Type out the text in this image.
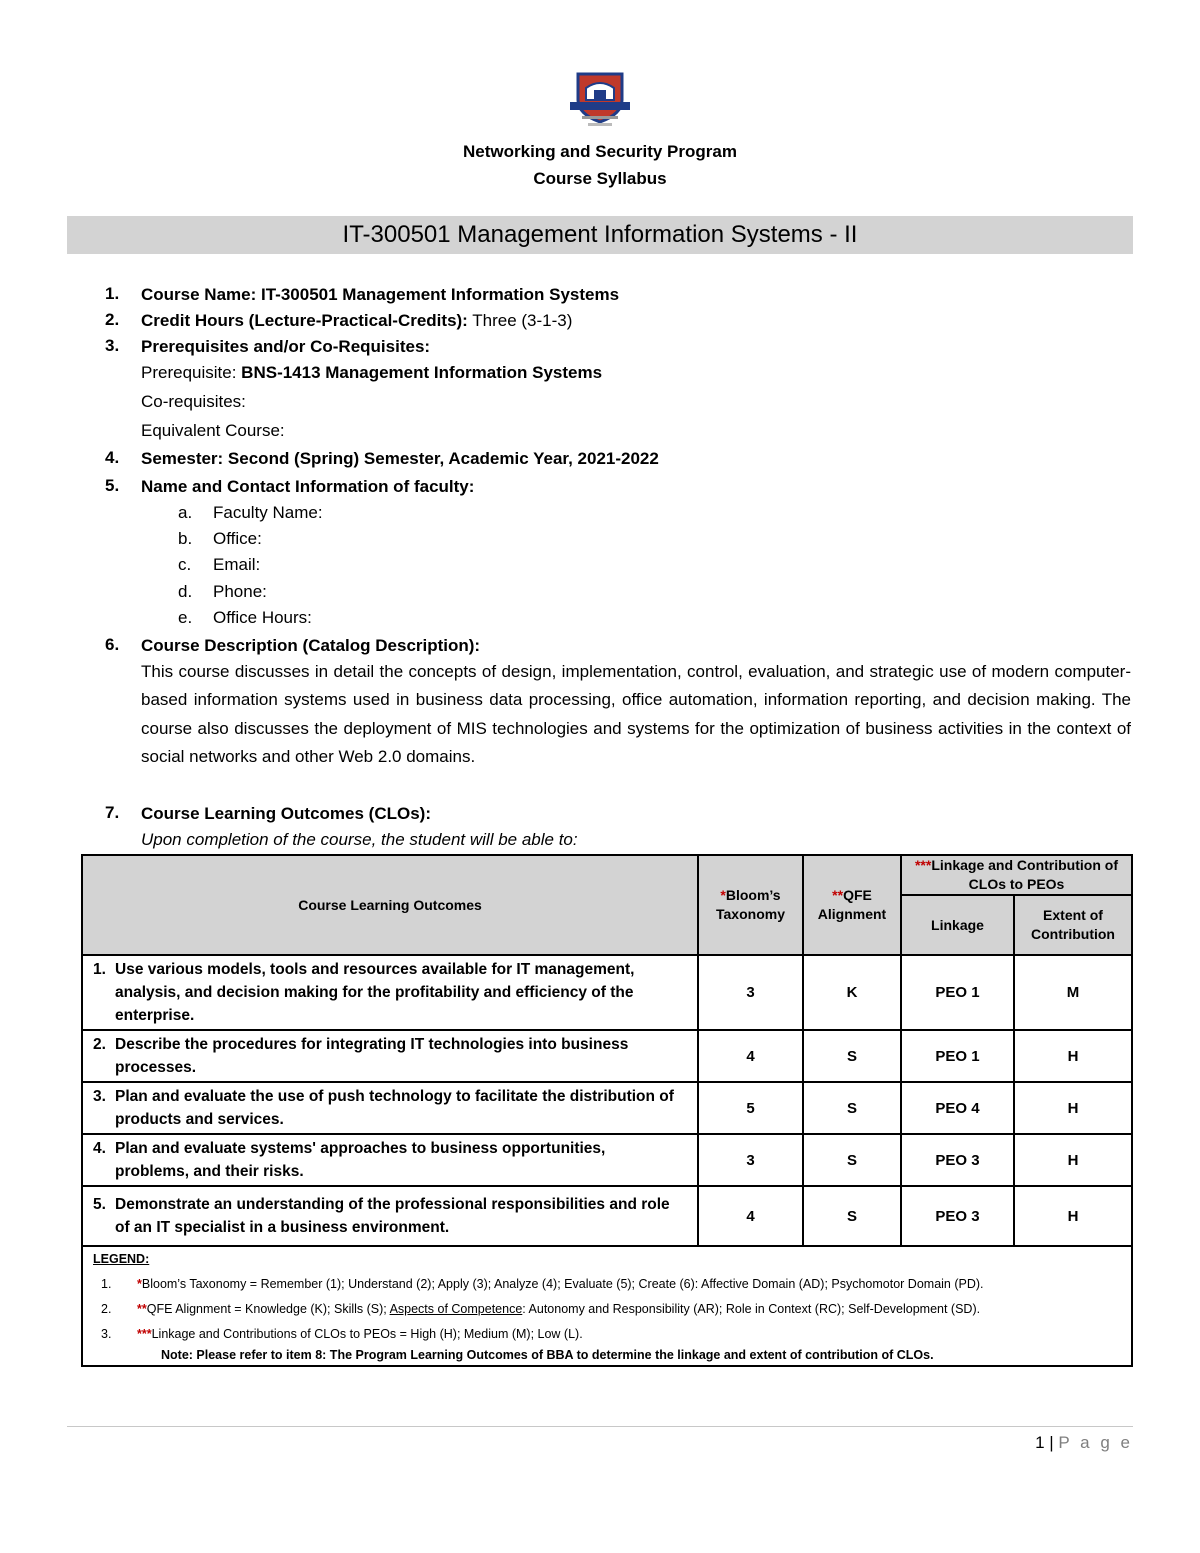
Networking and Security Program
Course Syllabus
IT-300501 Management Information Systems - II
1. Course Name: IT-300501 Management Information Systems
2. Credit Hours (Lecture-Practical-Credits): Three (3-1-3)
3. Prerequisites and/or Co-Requisites:
Prerequisite: BNS-1413 Management Information Systems
Co-requisites:
Equivalent Course:
4. Semester: Second (Spring) Semester, Academic Year, 2021-2022
5. Name and Contact Information of faculty:
a. Faculty Name:
b. Office:
c. Email:
d. Phone:
e. Office Hours:
6. Course Description (Catalog Description):
This course discusses in detail the concepts of design, implementation, control, evaluation, and strategic use of modern computer-based information systems used in business data processing, office automation, information reporting, and decision making. The course also discusses the deployment of MIS technologies and systems for the optimization of business activities in the context of social networks and other Web 2.0 domains.
7. Course Learning Outcomes (CLOs):
Upon completion of the course, the student will be able to:
Course Learning Outcomes	*Bloom’s Taxonomy	**QFE Alignment	***Linkage and Contribution of CLOs to PEOs	
			Linkage	Extent of Contribution
1. Use various models, tools and resources available for IT management, analysis, and decision making for the profitability and efficiency of the enterprise.	3	K	PEO 1	M
2. Describe the procedures for integrating IT technologies into business processes.	4	S	PEO 1	H
3. Plan and evaluate the use of push technology to facilitate the distribution of products and services.	5	S	PEO 4	H
4. Plan and evaluate systems' approaches to business opportunities, problems, and their risks.	3	S	PEO 3	H
5. Demonstrate an understanding of the professional responsibilities and role of an IT specialist in a business environment.	4	S	PEO 3	H

LEGEND:
1. *Bloom’s Taxonomy = Remember (1); Understand (2); Apply (3); Analyze (4); Evaluate (5); Create (6): Affective Domain (AD); Psychomotor Domain (PD).
2. **QFE Alignment = Knowledge (K); Skills (S); Aspects of Competence: Autonomy and Responsibility (AR); Role in Context (RC); Self-Development (SD).
3. ***Linkage and Contributions of CLOs to PEOs = High (H); Medium (M); Low (L).
Note: Please refer to item 8: The Program Learning Outcomes of BBA to determine the linkage and extent of contribution of CLOs.				
1 | P a g e
